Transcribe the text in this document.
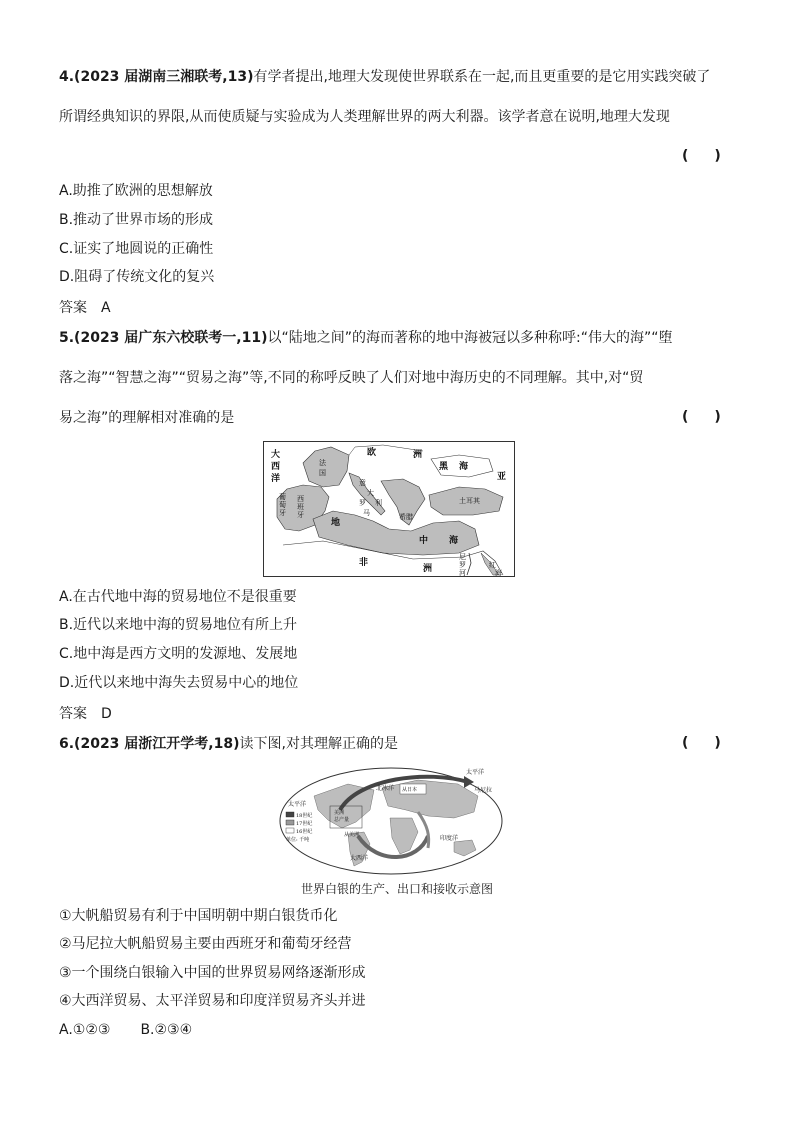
4.(2023 届湖南三湘联考,13)有学者提出,地理大发现使世界联系在一起,而且更重要的是它用实践突破了
所谓经典知识的界限,从而使质疑与实验成为人类理解世界的两大利器。该学者意在说明,地理大发现
()
A.助推了欧洲的思想解放
B.推动了世界市场的形成
C.证实了地圆说的正确性
D.阻碍了传统文化的复兴
答案 A
5.(2023 届广东六校联考一,11)以“陆地之间”的海而著称的地中海被冠以多种称呼:“伟大的海”“堕
落之海”“智慧之海”“贸易之海”等,不同的称呼反映了人们对地中海历史的不同理解。其中,对“贸
易之海”的理解相对准确的是	()
大
西
洋
欧	洲
黑 海
亚
地
中 海
非
洲
法
国
葡
萄
牙
西
班
牙
意
大
利
罗
马	希腊
土耳其
尼
罗
河
红
海
A.在古代地中海的贸易地位不是很重要
B.近代以来地中海的贸易地位有所上升
C.地中海是西方文明的发源地、发展地
D.近代以来地中海失去贸易中心的地位
答案 D
6.(2023 届浙江开学考,18)读下图,对其理解正确的是	()
太平洋
太平洋
北冰洋
大西洋
印度洋
马尼拉
18世纪
17世纪
16世纪
单位: 千吨
从日本
从美洲
美洲
总产量
世界白银的生产、出口和接收示意图
①大帆船贸易有利于中国明朝中期白银货币化
②马尼拉大帆船贸易主要由西班牙和葡萄牙经营
③一个围绕白银输入中国的世界贸易网络逐渐形成
④大西洋贸易、太平洋贸易和印度洋贸易齐头并进
A.①②③ B.②③④
